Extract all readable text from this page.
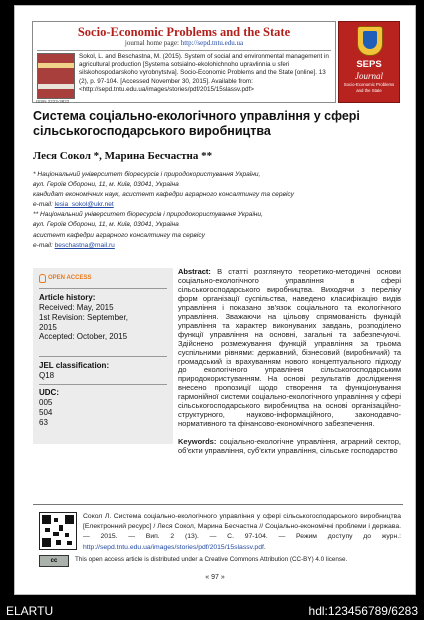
Socio-Economic Problems and the State
journal home page: http://sepd.tntu.edu.ua
ISSN 2223-3822
Sokol, L. and Beschastna, M. (2015). System of social and environmental management in agricultural production [Systema sotsialno-ekolohichnoho upravlinnia u sferi silskohospodarskoho vyrobnytstva]. Socio-Economic Problems and the State [online]. 13 (2), p. 97-104. [Accessed November 30, 2015]. Available from: <http://sepd.tntu.edu.ua/images/stories/pdf/2015/15slassv.pdf>
SEPS
Journal
Socio-Economic Problems and the State
Система соціально-екологічного управління у сфері сільськогосподарського виробництва
Леся Сокол *, Марина Бесчастна **
* Національний університет біоресурсів і природокористування України,
вул. Героїв Оборони, 11, м. Київ, 03041, Україна
кандидат економічних наук, асистент кафедри аграрного консалтингу та сервісу
e-mail: lesia_sokol@ukr.net
** Національний університет біоресурсів і природокористування України,
вул. Героїв Оборони, 11, м. Київ, 03041, Україна
асистент кафедри аграрного консалтингу та сервісу
e-mail: beschastna@mail.ru
OPEN ACCESS
Article history:
Received: May, 2015
1st Revision: September,
2015
Accepted: October, 2015
JEL classification:
Q18
UDC:
005
504
63
Abstract: В статті розглянуто теоретико-методичні основи соціально-екологічного управління в сфері сільськогосподарського виробництва. Виходячи з переліку форм організації суспільства, наведено класифікацію видів управління і показано зв'язок соціального та екологічного управління. Зважаючи на цільову спрямованість функцій управління та характер виконуваних завдань, розподілено функції управління на основні, загальні та забезпечуючі. Здійснено розмежування функцій управління за трьома суспільними рівнями: державний, бізнесовий (виробничий) та громадський із врахуванням нового концептуального підходу до екологічного управління сільськогосподарським природокористуванням. На основі результатів дослідження внесено пропозиції щодо створення та функціонування гармонійної системи соціально-екологічного управління у сфері сільськогосподарського виробництва на основі організаційно-структурного, науково-інформаційного, законодавчо-нормативного та фінансово-економічного забезпечення.
Keywords: соціально-екологічне управління, аграрний сектор, об'єкти управління, суб'єкти управління, сільське господарство
Сокол Л. Система соціально-екологічного управління у сфері сільськогосподарського виробництва [Електронний ресурс] / Леся Сокол, Марина Бесчастна // Соціально-економічні проблеми і держава. — 2015. — Вип. 2 (13). — С. 97-104. — Режим доступу до журн.: http://sepd.tntu.edu.ua/images/stories/pdf/2015/15slassv.pdf.
cc	This open access article is distributed under a Creative Commons Attribution (CC-BY) 4.0 license.
« 97 »
ELARTU	hdl:123456789/6283
